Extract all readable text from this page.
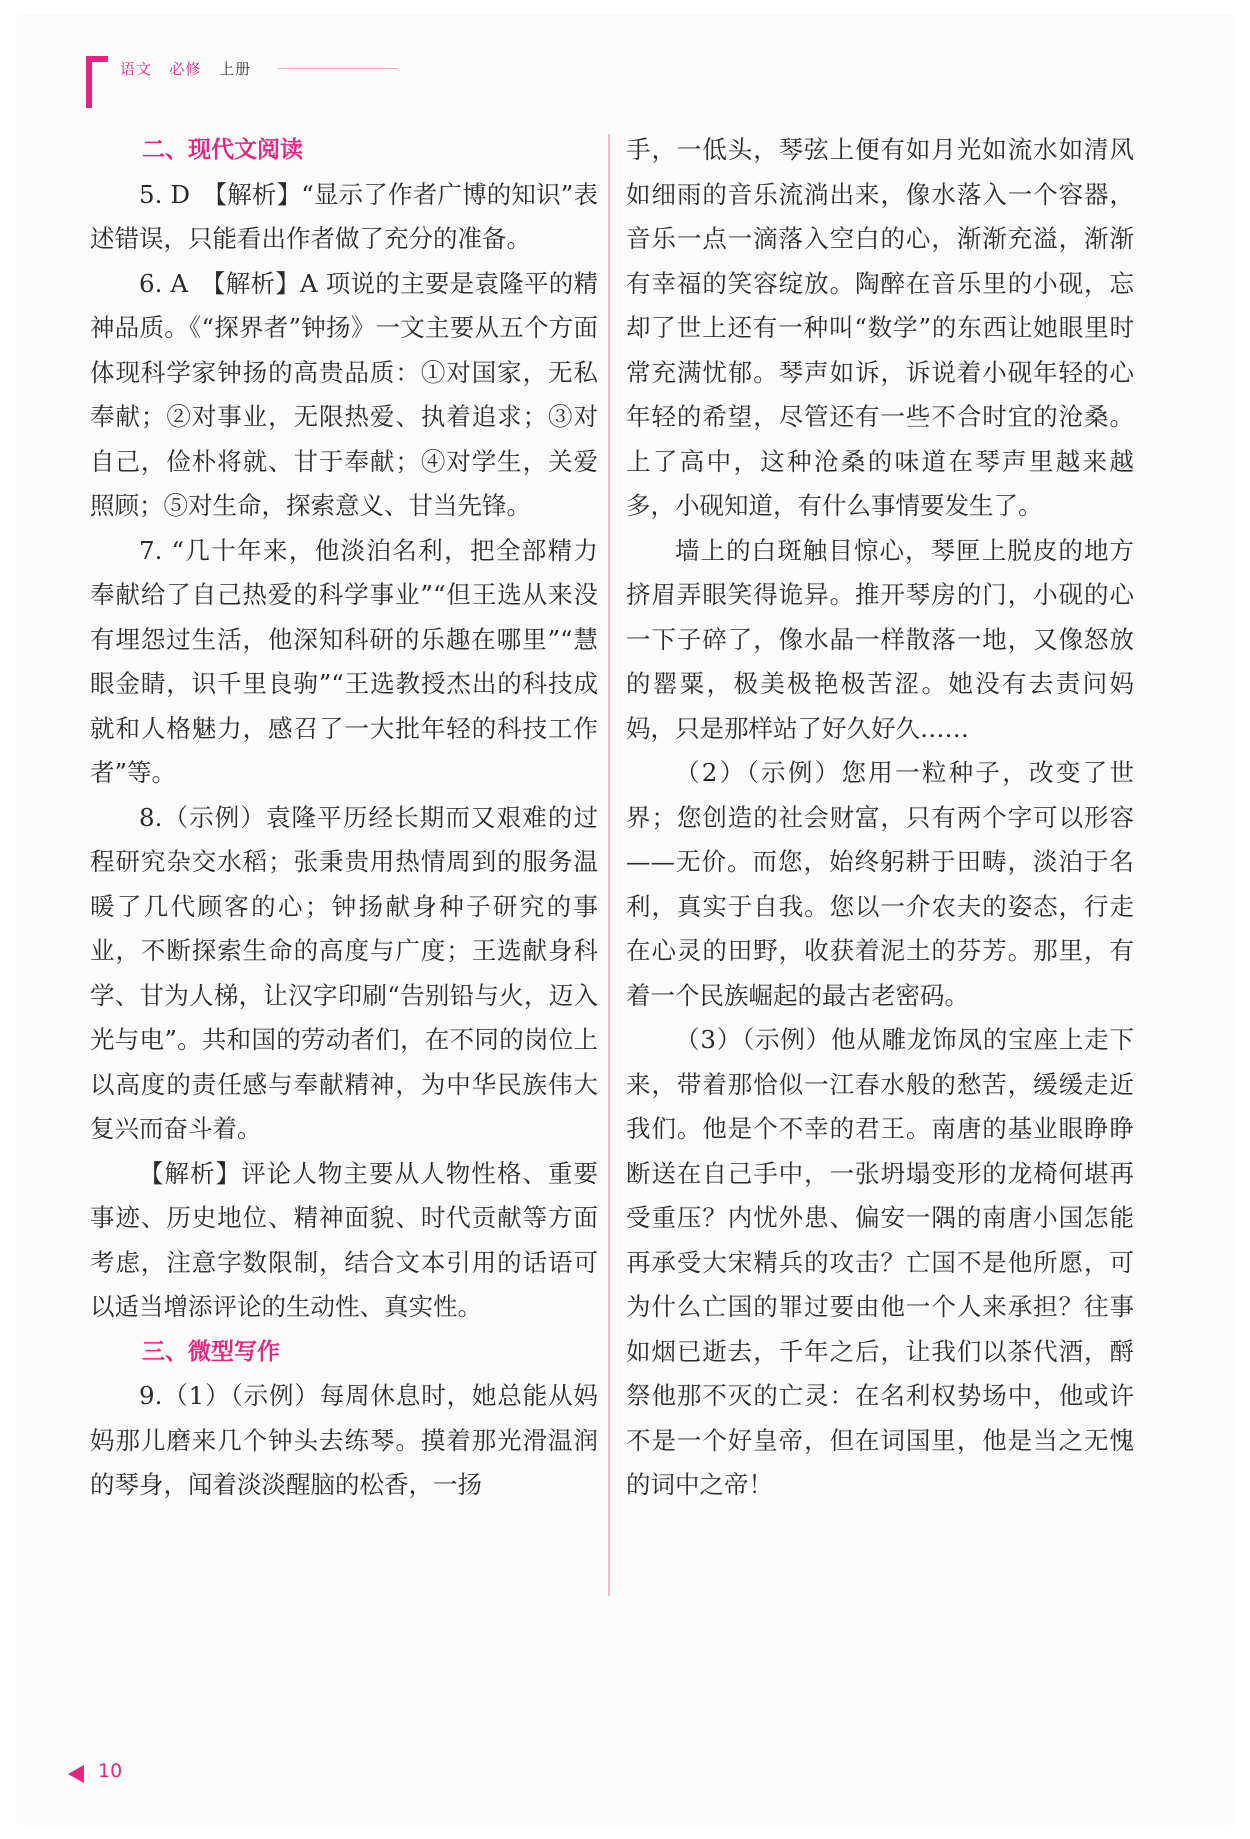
语文 必修 上册
二、现代文阅读

5. D　【解析】“显示了作者广博的知识”表述错误，只能看出作者做了充分的准备。

6. A　【解析】A 项说的主要是袁隆平的精神品质。《“探界者”钟扬》一文主要从五个方面体现科学家钟扬的高贵品质：①对国家，无私奉献；②对事业，无限热爱、执着追求；③对自己，俭朴将就、甘于奉献；④对学生，关爱照顾；⑤对生命，探索意义、甘当先锋。

7. “几十年来，他淡泊名利，把全部精力奉献给了自己热爱的科学事业”“但王选从来没有埋怨过生活，他深知科研的乐趣在哪里”“慧眼金睛，识千里良驹”“王选教授杰出的科技成就和人格魅力，感召了一大批年轻的科技工作者”等。

8.（示例）袁隆平历经长期而又艰难的过程研究杂交水稻；张秉贵用热情周到的服务温暖了几代顾客的心；钟扬献身种子研究的事业，不断探索生命的高度与广度；王选献身科学、甘为人梯，让汉字印刷“告别铅与火，迈入光与电”。共和国的劳动者们，在不同的岗位上以高度的责任感与奉献精神，为中华民族伟大复兴而奋斗着。

【解析】评论人物主要从人物性格、重要事迹、历史地位、精神面貌、时代贡献等方面考虑，注意字数限制，结合文本引用的话语可以适当增添评论的生动性、真实性。

三、微型写作

9.（1）（示例）每周休息时，她总能从妈妈那儿磨来几个钟头去练琴。摸着那光滑温润的琴身，闻着淡淡醒脑的松香，一扬

手，一低头，琴弦上便有如月光如流水如清风如细雨的音乐流淌出来，像水落入一个容器，音乐一点一滴落入空白的心，渐渐充溢，渐渐有幸福的笑容绽放。陶醉在音乐里的小砚，忘却了世上还有一种叫“数学”的东西让她眼里时常充满忧郁。琴声如诉，诉说着小砚年轻的心年轻的希望，尽管还有一些不合时宜的沧桑。上了高中，这种沧桑的味道在琴声里越来越多，小砚知道，有什么事情要发生了。

墙上的白斑触目惊心，琴匣上脱皮的地方挤眉弄眼笑得诡异。推开琴房的门，小砚的心一下子碎了，像水晶一样散落一地，又像怒放的罂粟，极美极艳极苦涩。她没有去责问妈妈，只是那样站了好久好久……

（2）（示例）您用一粒种子，改变了世界；您创造的社会财富，只有两个字可以形容——无价。而您，始终躬耕于田畴，淡泊于名利，真实于自我。您以一介农夫的姿态，行走在心灵的田野，收获着泥土的芬芳。那里，有着一个民族崛起的最古老密码。

（3）（示例）他从雕龙饰凤的宝座上走下来，带着那恰似一江春水般的愁苦，缓缓走近我们。他是个不幸的君王。南唐的基业眼睁睁断送在自己手中，一张坍塌变形的龙椅何堪再受重压？内忧外患、偏安一隅的南唐小国怎能再承受大宋精兵的攻击？亡国不是他所愿，可为什么亡国的罪过要由他一个人来承担？往事如烟已逝去，千年之后，让我们以茶代酒，酹祭他那不灭的亡灵：在名利权势场中，他或许不是一个好皇帝，但在词国里，他是当之无愧的词中之帝！

10
